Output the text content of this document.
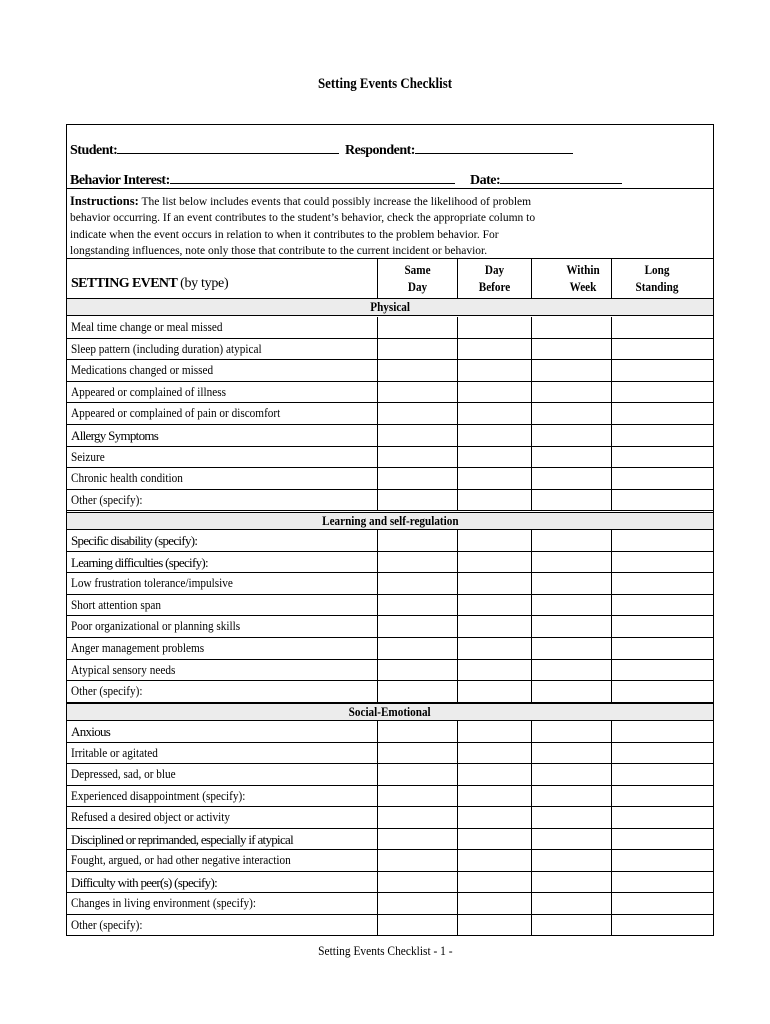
Setting Events Checklist
Student:	Respondent:
Behavior Interest:	Date:
Instructions: The list below includes events that could possibly increase the likelihood of problem behavior occurring. If an event contributes to the student’s behavior, check the appropriate column to indicate when the event occurs in relation to when it contributes to the problem behavior. For longstanding influences, note only those that contribute to the current incident or behavior.
SETTING EVENT (by type)
Same
Day
Day
Before
Within
Week
Long
Standing
Physical
Meal time change or meal missed
Sleep pattern (including duration) atypical
Medications changed or missed
Appeared or complained of illness
Appeared or complained of pain or discomfort
Allergy Symptoms
Seizure
Chronic health condition
Other (specify):
Learning and self-regulation
Specific disability (specify):
Learning difficulties (specify):
Low frustration tolerance/impulsive
Short attention span
Poor organizational or planning skills
Anger management problems
Atypical sensory needs
Other (specify):
Social-Emotional
Anxious
Irritable or agitated
Depressed, sad, or blue
Experienced disappointment (specify):
Refused a desired object or activity
Disciplined or reprimanded, especially if atypical
Fought, argued, or had other negative interaction
Difficulty with peer(s) (specify):
Changes in living environment (specify):
Other (specify):
Setting Events Checklist - 1 -
